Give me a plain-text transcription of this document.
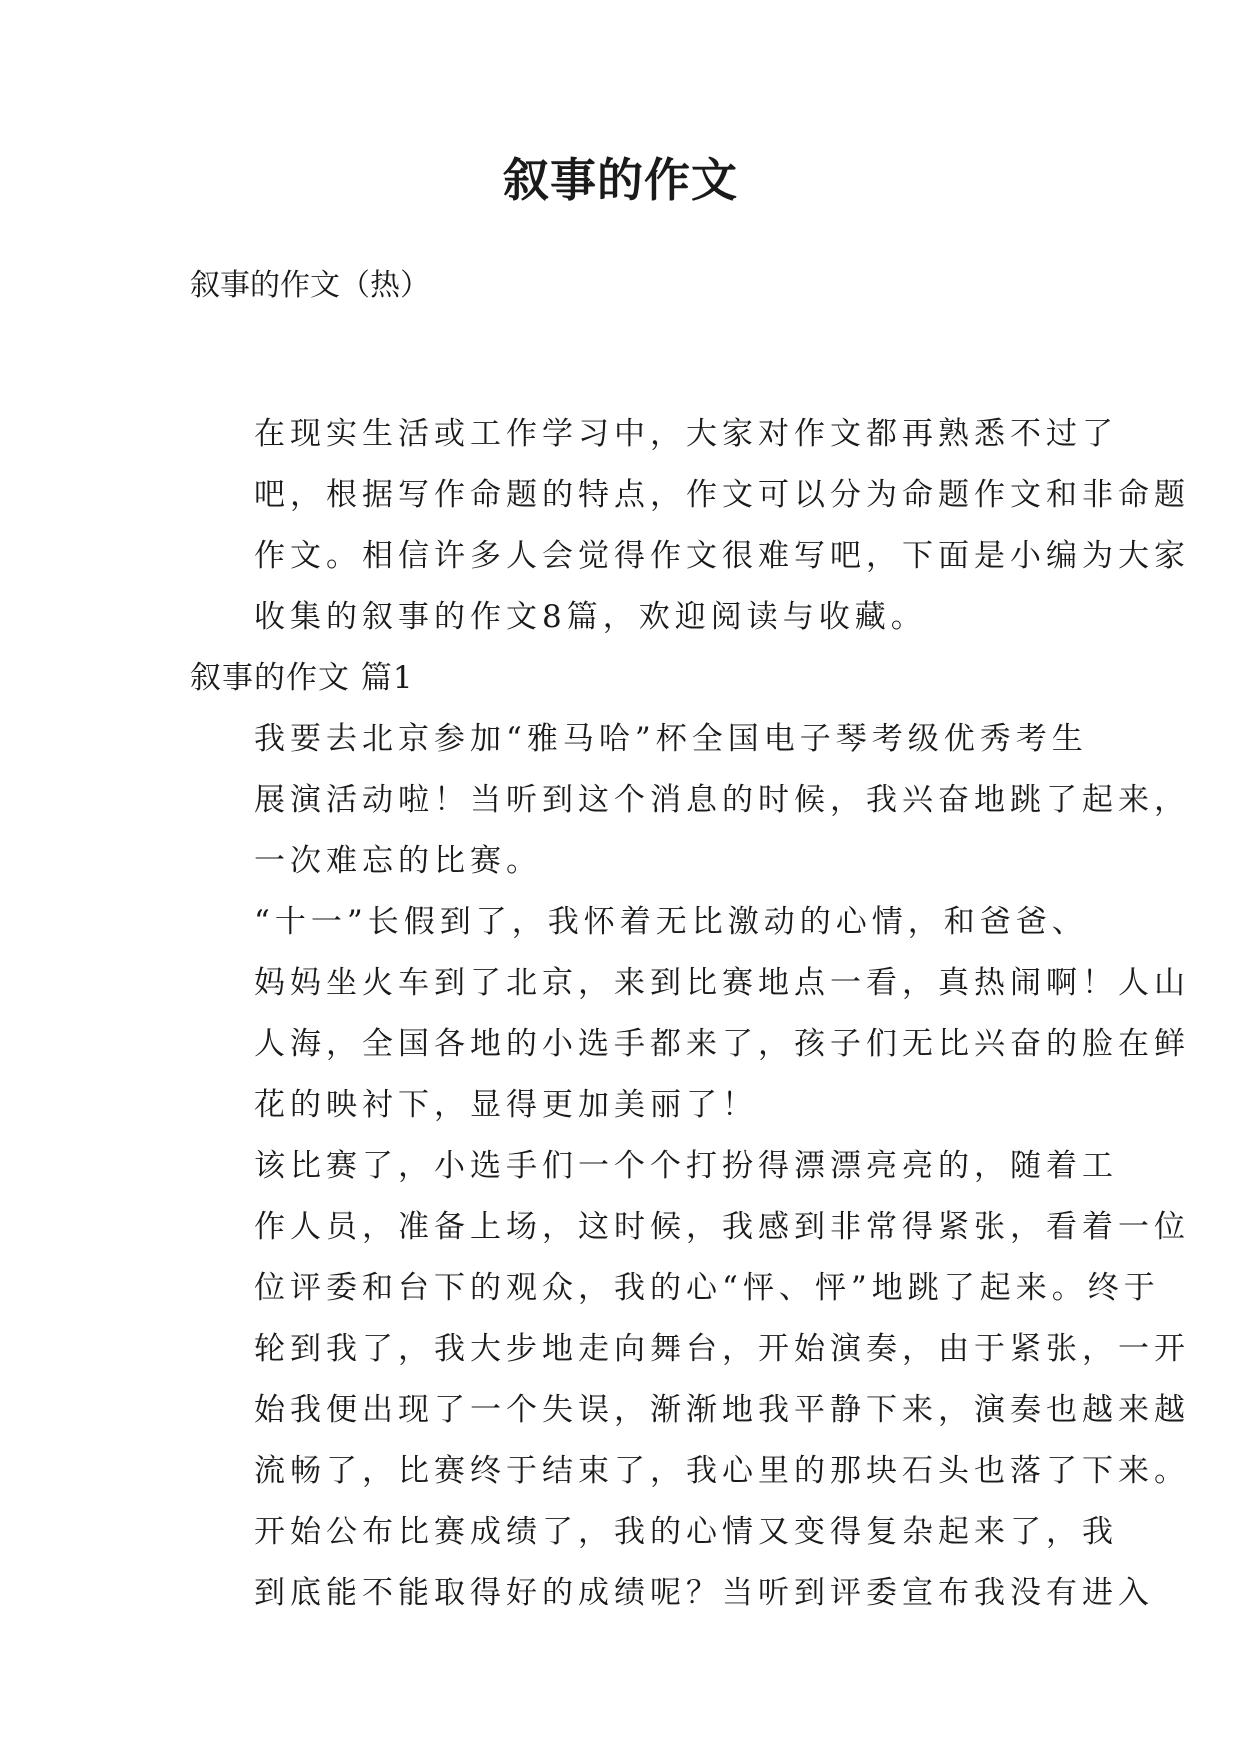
叙事的作文

叙事的作文（热）

在现实生活或工作学习中，大家对作文都再熟悉不过了
吧，根据写作命题的特点，作文可以分为命题作文和非命题
作文。相信许多人会觉得作文很难写吧，下面是小编为大家
收集的叙事的作文8篇，欢迎阅读与收藏。

叙事的作文 篇1

我要去北京参加“雅马哈”杯全国电子琴考级优秀考生
展演活动啦！当听到这个消息的时候，我兴奋地跳了起来，
一次难忘的比赛。

“十一”长假到了，我怀着无比激动的心情，和爸爸、
妈妈坐火车到了北京，来到比赛地点一看，真热闹啊！人山
人海，全国各地的小选手都来了，孩子们无比兴奋的脸在鲜
花的映衬下，显得更加美丽了！

该比赛了，小选手们一个个打扮得漂漂亮亮的，随着工
作人员，准备上场，这时候，我感到非常得紧张，看着一位
位评委和台下的观众，我的心“怦、怦”地跳了起来。终于
轮到我了，我大步地走向舞台，开始演奏，由于紧张，一开
始我便出现了一个失误，渐渐地我平静下来，演奏也越来越
流畅了，比赛终于结束了，我心里的那块石头也落了下来。

开始公布比赛成绩了，我的心情又变得复杂起来了，我
到底能不能取得好的成绩呢？当听到评委宣布我没有进入
